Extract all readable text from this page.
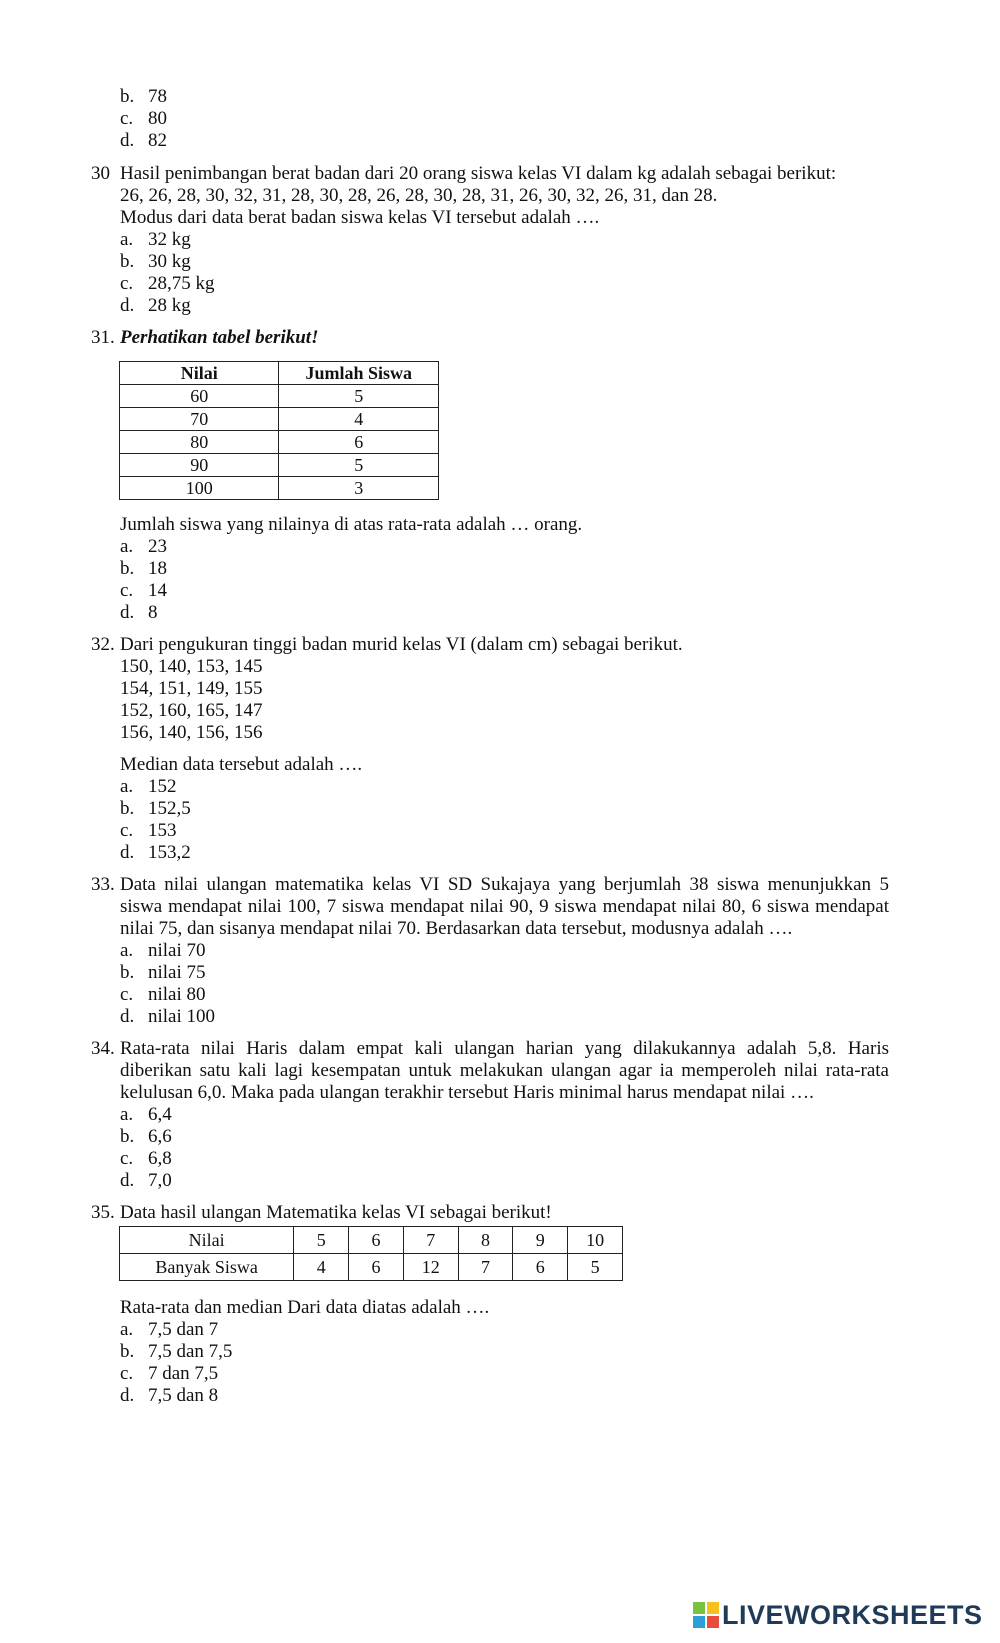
b. 78
c. 80
d. 82
30 Hasil penimbangan berat badan dari 20 orang siswa kelas VI dalam kg adalah sebagai berikut:
26, 26, 28, 30, 32, 31, 28, 30, 28, 26, 28, 30, 28, 31, 26, 30, 32, 26, 31, dan 28.
Modus dari data berat badan siswa kelas VI tersebut adalah ….
a. 32 kg
b. 30 kg
c. 28,75 kg
d. 28 kg
31. Perhatikan tabel berikut!
Nilai	Jumlah Siswa
60	5
70	4
80	6
90	5
100	3
Jumlah siswa yang nilainya di atas rata-rata adalah … orang.
a. 23
b. 18
c. 14
d. 8
32. Dari pengukuran tinggi badan murid kelas VI (dalam cm) sebagai berikut.
150, 140, 153, 145
154, 151, 149, 155
152, 160, 165, 147
156, 140, 156, 156
Median data tersebut adalah ….
a. 152
b. 152,5
c. 153
d. 153,2
33. Data nilai ulangan matematika kelas VI SD Sukajaya yang berjumlah 38 siswa menunjukkan 5
siswa mendapat nilai 100, 7 siswa mendapat nilai 90, 9 siswa mendapat nilai 80, 6 siswa mendapat
nilai 75, dan sisanya mendapat nilai 70. Berdasarkan data tersebut, modusnya adalah ….
a. nilai 70
b. nilai 75
c. nilai 80
d. nilai 100
34. Rata-rata nilai Haris dalam empat kali ulangan harian yang dilakukannya adalah 5,8. Haris
diberikan satu kali lagi kesempatan untuk melakukan ulangan agar ia memperoleh nilai rata-rata
kelulusan 6,0. Maka pada ulangan terakhir tersebut Haris minimal harus mendapat nilai ….
a. 6,4
b. 6,6
c. 6,8
d. 7,0
35. Data hasil ulangan Matematika kelas VI sebagai berikut!
Nilai	5	6	7	8	9	10
Banyak Siswa	4	6	12	7	6	5
Rata-rata dan median Dari data diatas adalah ….
a. 7,5 dan 7
b. 7,5 dan 7,5
c. 7 dan 7,5
d. 7,5 dan 8
LIVEWORKSHEETS
